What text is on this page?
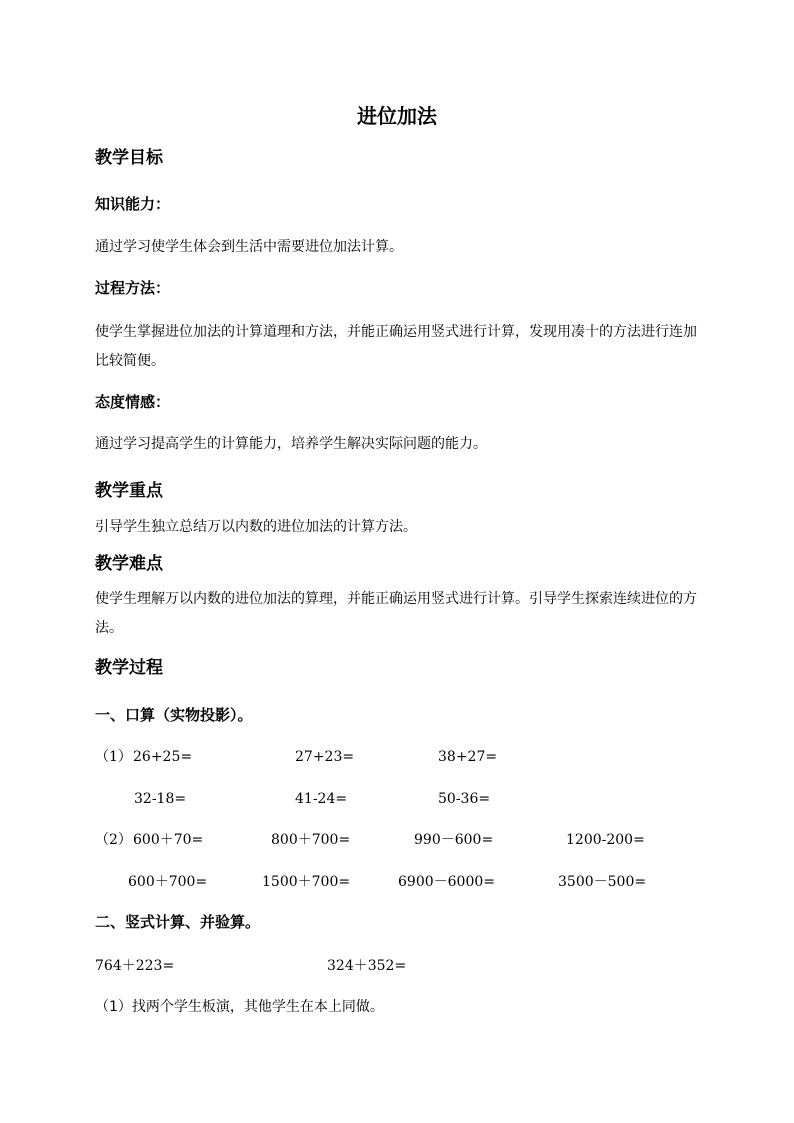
进位加法
教学目标
知识能力：
通过学习使学生体会到生活中需要进位加法计算。
过程方法：
使学生掌握进位加法的计算道理和方法，并能正确运用竖式进行计算，发现用凑十的方法进行连加比较简便。
态度情感：
通过学习提高学生的计算能力，培养学生解决实际问题的能力。
教学重点
引导学生独立总结万以内数的进位加法的计算方法。
教学难点
使学生理解万以内数的进位加法的算理，并能正确运用竖式进行计算。引导学生探索连续进位的方法。
教学过程
一、口算（实物投影）。
（1） 26+25=	27+23=	38+27=
32-18=	41-24=	50-36=
（2） 600＋70=	800＋700=	990－600=	1200-200=
600＋700=	1500＋700=	6900－6000=	3500－500=
二、竖式计算、并验算。
764＋223=	324＋352=
（1）找两个学生板演，其他学生在本上同做。
